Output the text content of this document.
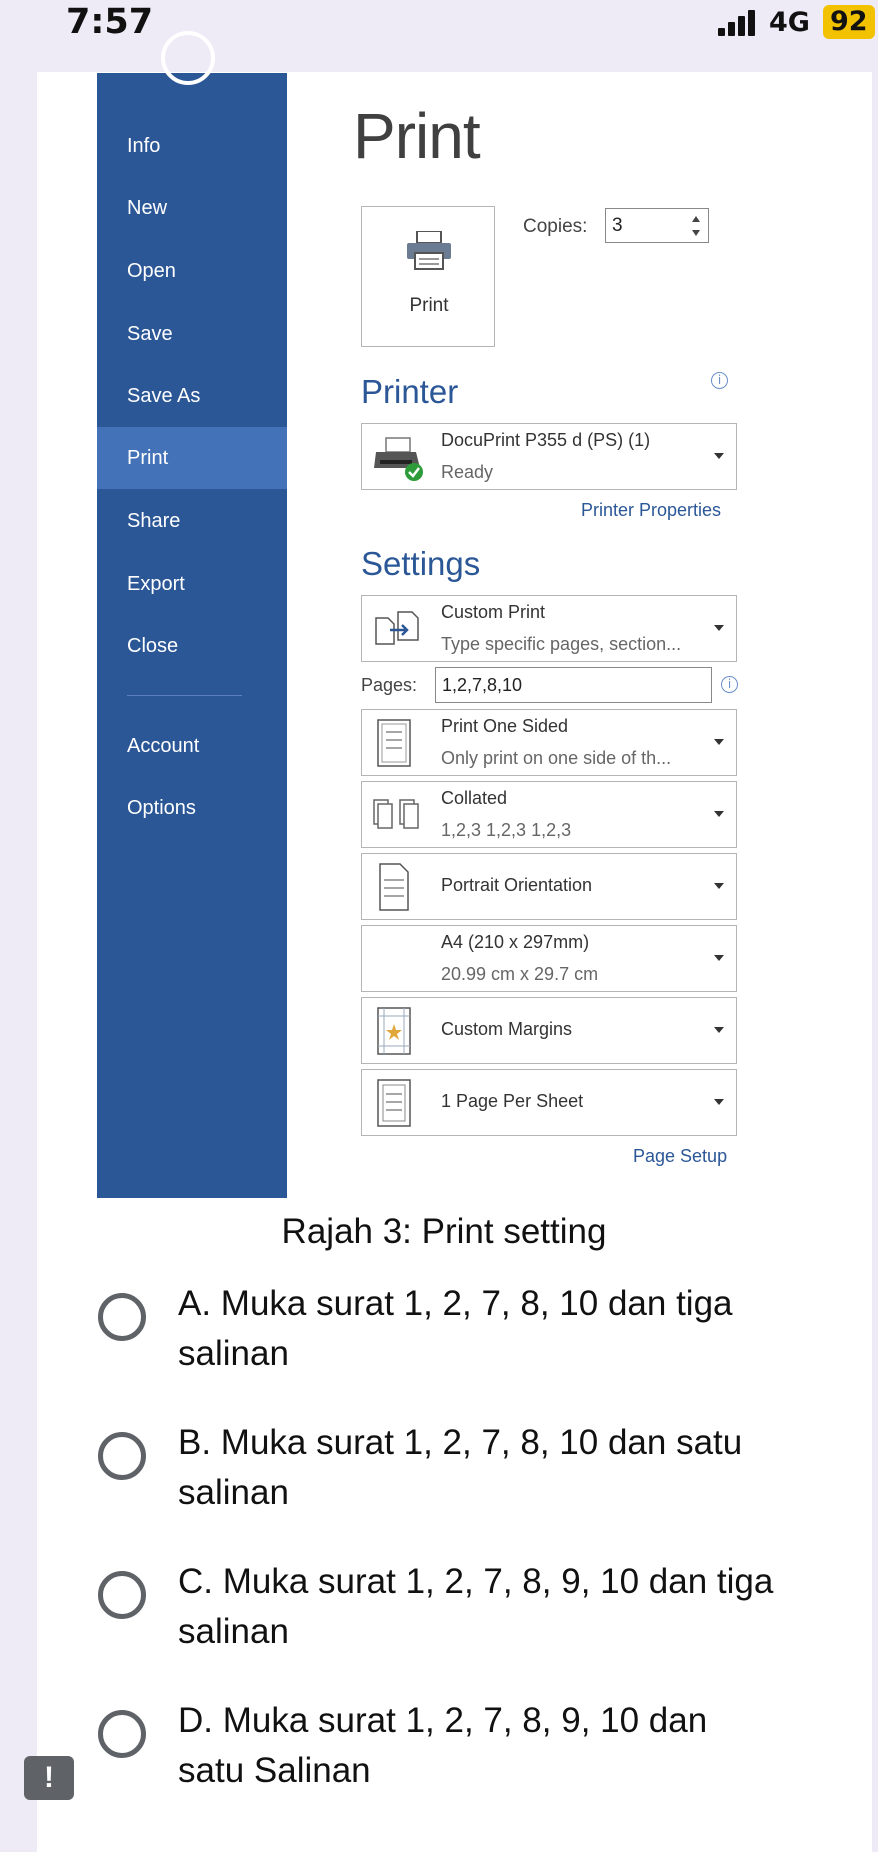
7:57	4G 92
Info
New
Open
Save
Save As
Print
Share
Export
Close
Account
Options
Print
Print
Copies: 3
Printer	i
DocuPrint P355 d (PS) (1)
Ready
Printer Properties
Settings
Custom Print
Type specific pages, section...
Pages: 1,2,7,8,10	i
Print One Sided
Only print on one side of th...
Collated
1,2,3 1,2,3 1,2,3
Portrait Orientation
A4 (210 x 297mm)
20.99 cm x 29.7 cm
Custom Margins
1 Page Per Sheet
Page Setup
Rajah 3: Print setting
A. Muka surat 1, 2, 7, 8, 10 dan tiga salinan
B. Muka surat 1, 2, 7, 8, 10 dan satu salinan
C. Muka surat 1, 2, 7, 8, 9, 10 dan tiga salinan
D. Muka surat 1, 2, 7, 8, 9, 10 dan satu Salinan
!
